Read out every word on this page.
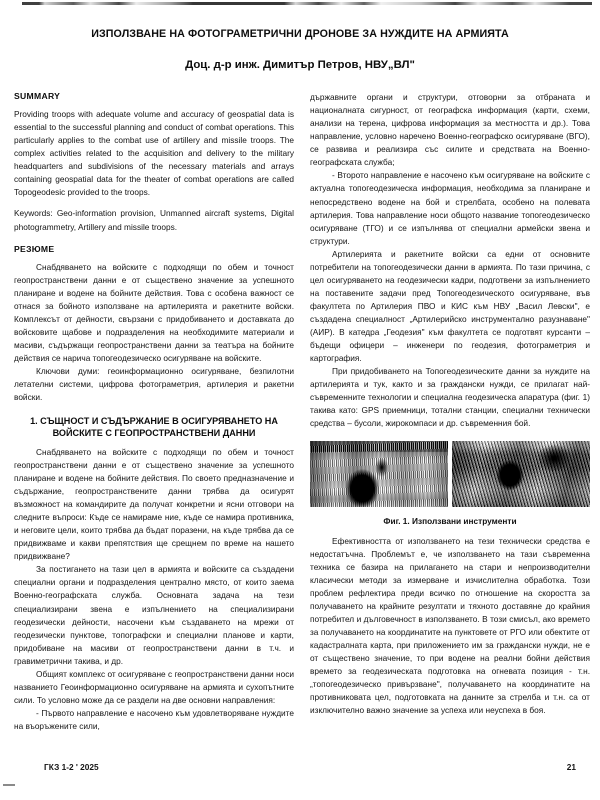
ИЗПОЛЗВАНЕ НА ФОТОГРАМЕТРИЧНИ ДРОНОВЕ ЗА НУЖДИТЕ НА АРМИЯТА
Доц. д-р инж. Димитър Петров, НВУ„ВЛ"
SUMMARY

Providing troops with adequate volume and accuracy of geospatial data is essential to the successful planning and conduct of combat operations. This particularly applies to the combat use of artillery and missile troops. The complex activities related to the acquisition and delivery to the military headquarters and subdivisions of the necessary materials and arrays containing geospatial data for the theater of combat operations are called Topogeodesic provided to the troops.

Keywords: Geo-information provision, Unmanned aircraft systems, Digital photogrammetry, Artillery and missile troops.

РЕЗЮМЕ

Снабдяването на войските с подходящи по обем и точност геопространствени данни е от съществено значение за успешното планиране и водене на бойните действия. Това с особена важност се отнася за бойното използване на артилерията и ракетните войски. Комплексът от дейности, свързани с придобиването и доставката до войсковите щабове и подразделения на необходимите материали и масиви, съдържащи геопространствени данни за театъра на бойните действия се нарича топогеодезическо осигуряване на войските.

Ключови думи: геоинформационно осигуряване, безпилотни летателни системи, цифрова фотограметрия, артилерия и ракетни войски.

1. СЪЩНОСТ И СЪДЪРЖАНИЕ В ОСИГУРЯВАНЕТО НА ВОЙСКИТЕ С ГЕОПРОСТРАНСТВЕНИ ДАННИ

Снабдяването на войските с подходящи по обем и точност геопространствени данни е от съществено значение за успешното планиране и водене на бойните действия. По своето предназначение и съдържание, геопространствените данни трябва да осигурят възможност на командирите да получат конкретни и ясни отговори на следните въпроси: Къде се намираме ние, къде се намира противника, и неговите цели, които трябва да бъдат поразени, на къде трябва да се придвижваме и какви препятствия ще срещнем по време на нашето придвижване?

За постигането на тази цел в армията и войските са създадени специални органи и подразделения централно място, от които заема Военно-географската служба. Основната задача на тези специализирани звена е изпълнението на специализирани геодезически дейности, насочени към създаването на мрежи от геодезически пунктове, топографски и специални планове и карти, придобиване на масиви от геопространствени данни в т.ч. и гравиметрични такива, и др.

Общият комплекс от осигуряване с геопространствени данни носи названието Геоинформационно осигуряване на армията и сухопътните сили. То условно може да се раздели на две основни направления:

- Първото направление е насочено към удовлетворяване нуждите на въоръжените сили,

държавните органи и структури, отговорни за отбраната и националната сигурност, от географска информация (карти, схеми, анализи на терена, цифрова информация за местността и др.). Това направление, условно наречено Военно-географско осигуряване (ВГО), се развива и реализира със силите и средствата на Военно-географската служба;

- Второто направление е насочено към осигуряване на войските с актуална топогеодезическа информация, необходима за планиране и непосредствено водене на бой и стрелбата, особено на полевата артилерия. Това направление носи общото название топогеодезическо осигуряване (ТГО) и се изпълнява от специални армейски звена и структури.

Артилерията и ракетните войски са едни от основните потребители на топогеодезически данни в армията. По тази причина, с цел осигуряването на геодезически кадри, подготвени за изпълнението на поставените задачи пред Топогеодезическото осигуряване, във факултета по Артилерия ПВО и КИС към НВУ „Васил Левски", е създадена специалност „Артилерийско инструментално разузнаване" (АИР). В катедра „Геодезия" към факултета се подготвят курсанти – бъдещи офицери – инженери по геодезия, фотограметрия и картография.

При придобиването на Топогеодезическите данни за нуждите на артилерията и тук, както и за граждански нужди, се прилагат най-съвременните технологии и специална геодезическа апаратура (фиг. 1) такива като: GPS приемници, тотални станции, специални технически средства – бусоли, жирокомпаси и др. съвременния бой.

Фиг. 1. Използвани инструменти

Ефективността от използването на тези технически средства е недостатъчна. Проблемът е, че използването на тази съвременна техника се базира на прилагането на стари и непроизводителни класически методи за измерване и изчислителна обработка. Този проблем рефлектира преди всичко по отношение на скоростта за получаването на крайните резултати и тяхното доставяне до крайния потребител и дълговечност в използването. В този смисъл, ако времето за получаването на координатите на пунктовете от РГО или обектите от кадастралната карта, при приложението им за граждански нужди, не е от съществено значение, то при водене на реални бойни действия времето за геодезическата подготовка на огневата позиция - т.н. „топогеодезическо привързване", получаването на координатите на противниковата цел, подготовката на данните за стрелба и т.н. са от изключително важно значение за успеха или неуспеха в боя.

ГКЗ 1-2 ' 2025	21
